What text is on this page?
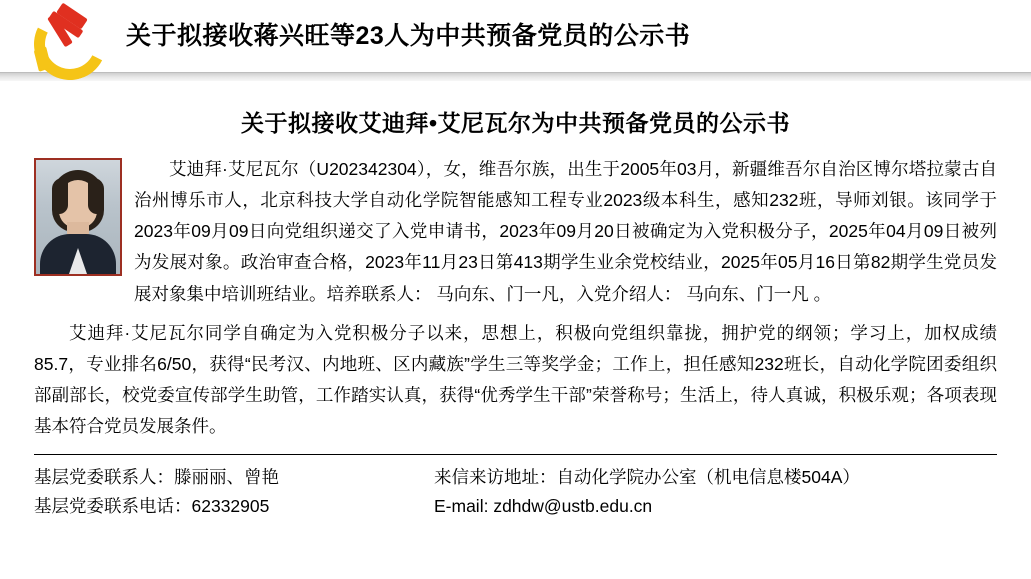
关于拟接收蒋兴旺等23人为中共预备党员的公示书
关于拟接收艾迪拜•艾尼瓦尔为中共预备党员的公示书

艾迪拜·艾尼瓦尔（U202342304），女，维吾尔族，出生于2005年03月，新疆维吾尔自治区博尔塔拉蒙古自治州博乐市人，北京科技大学自动化学院智能感知工程专业2023级本科生，感知232班，导师刘银。该同学于2023年09月09日向党组织递交了入党申请书，2023年09月20日被确定为入党积极分子，2025年04月09日被列为发展对象。政治审查合格，2023年11月23日第413期学生业余党校结业，2025年05月16日第82期学生党员发展对象集中培训班结业。培养联系人： 马向东、门一凡，入党介绍人： 马向东、门一凡 。

艾迪拜·艾尼瓦尔同学自确定为入党积极分子以来，思想上，积极向党组织靠拢，拥护党的纲领；学习上，加权成绩85.7，专业排名6/50，获得“民考汉、内地班、区内藏族”学生三等奖学金；工作上，担任感知232班长，自动化学院团委组织部副部长，校党委宣传部学生助管，工作踏实认真，获得“优秀学生干部”荣誉称号；生活上，待人真诚，积极乐观；各项表现基本符合党员发展条件。

基层党委联系人：滕丽丽、曾艳
基层党委联系电话：62332905
来信来访地址：自动化学院办公室（机电信息楼504A）
E-mail: zdhdw@ustb.edu.cn
